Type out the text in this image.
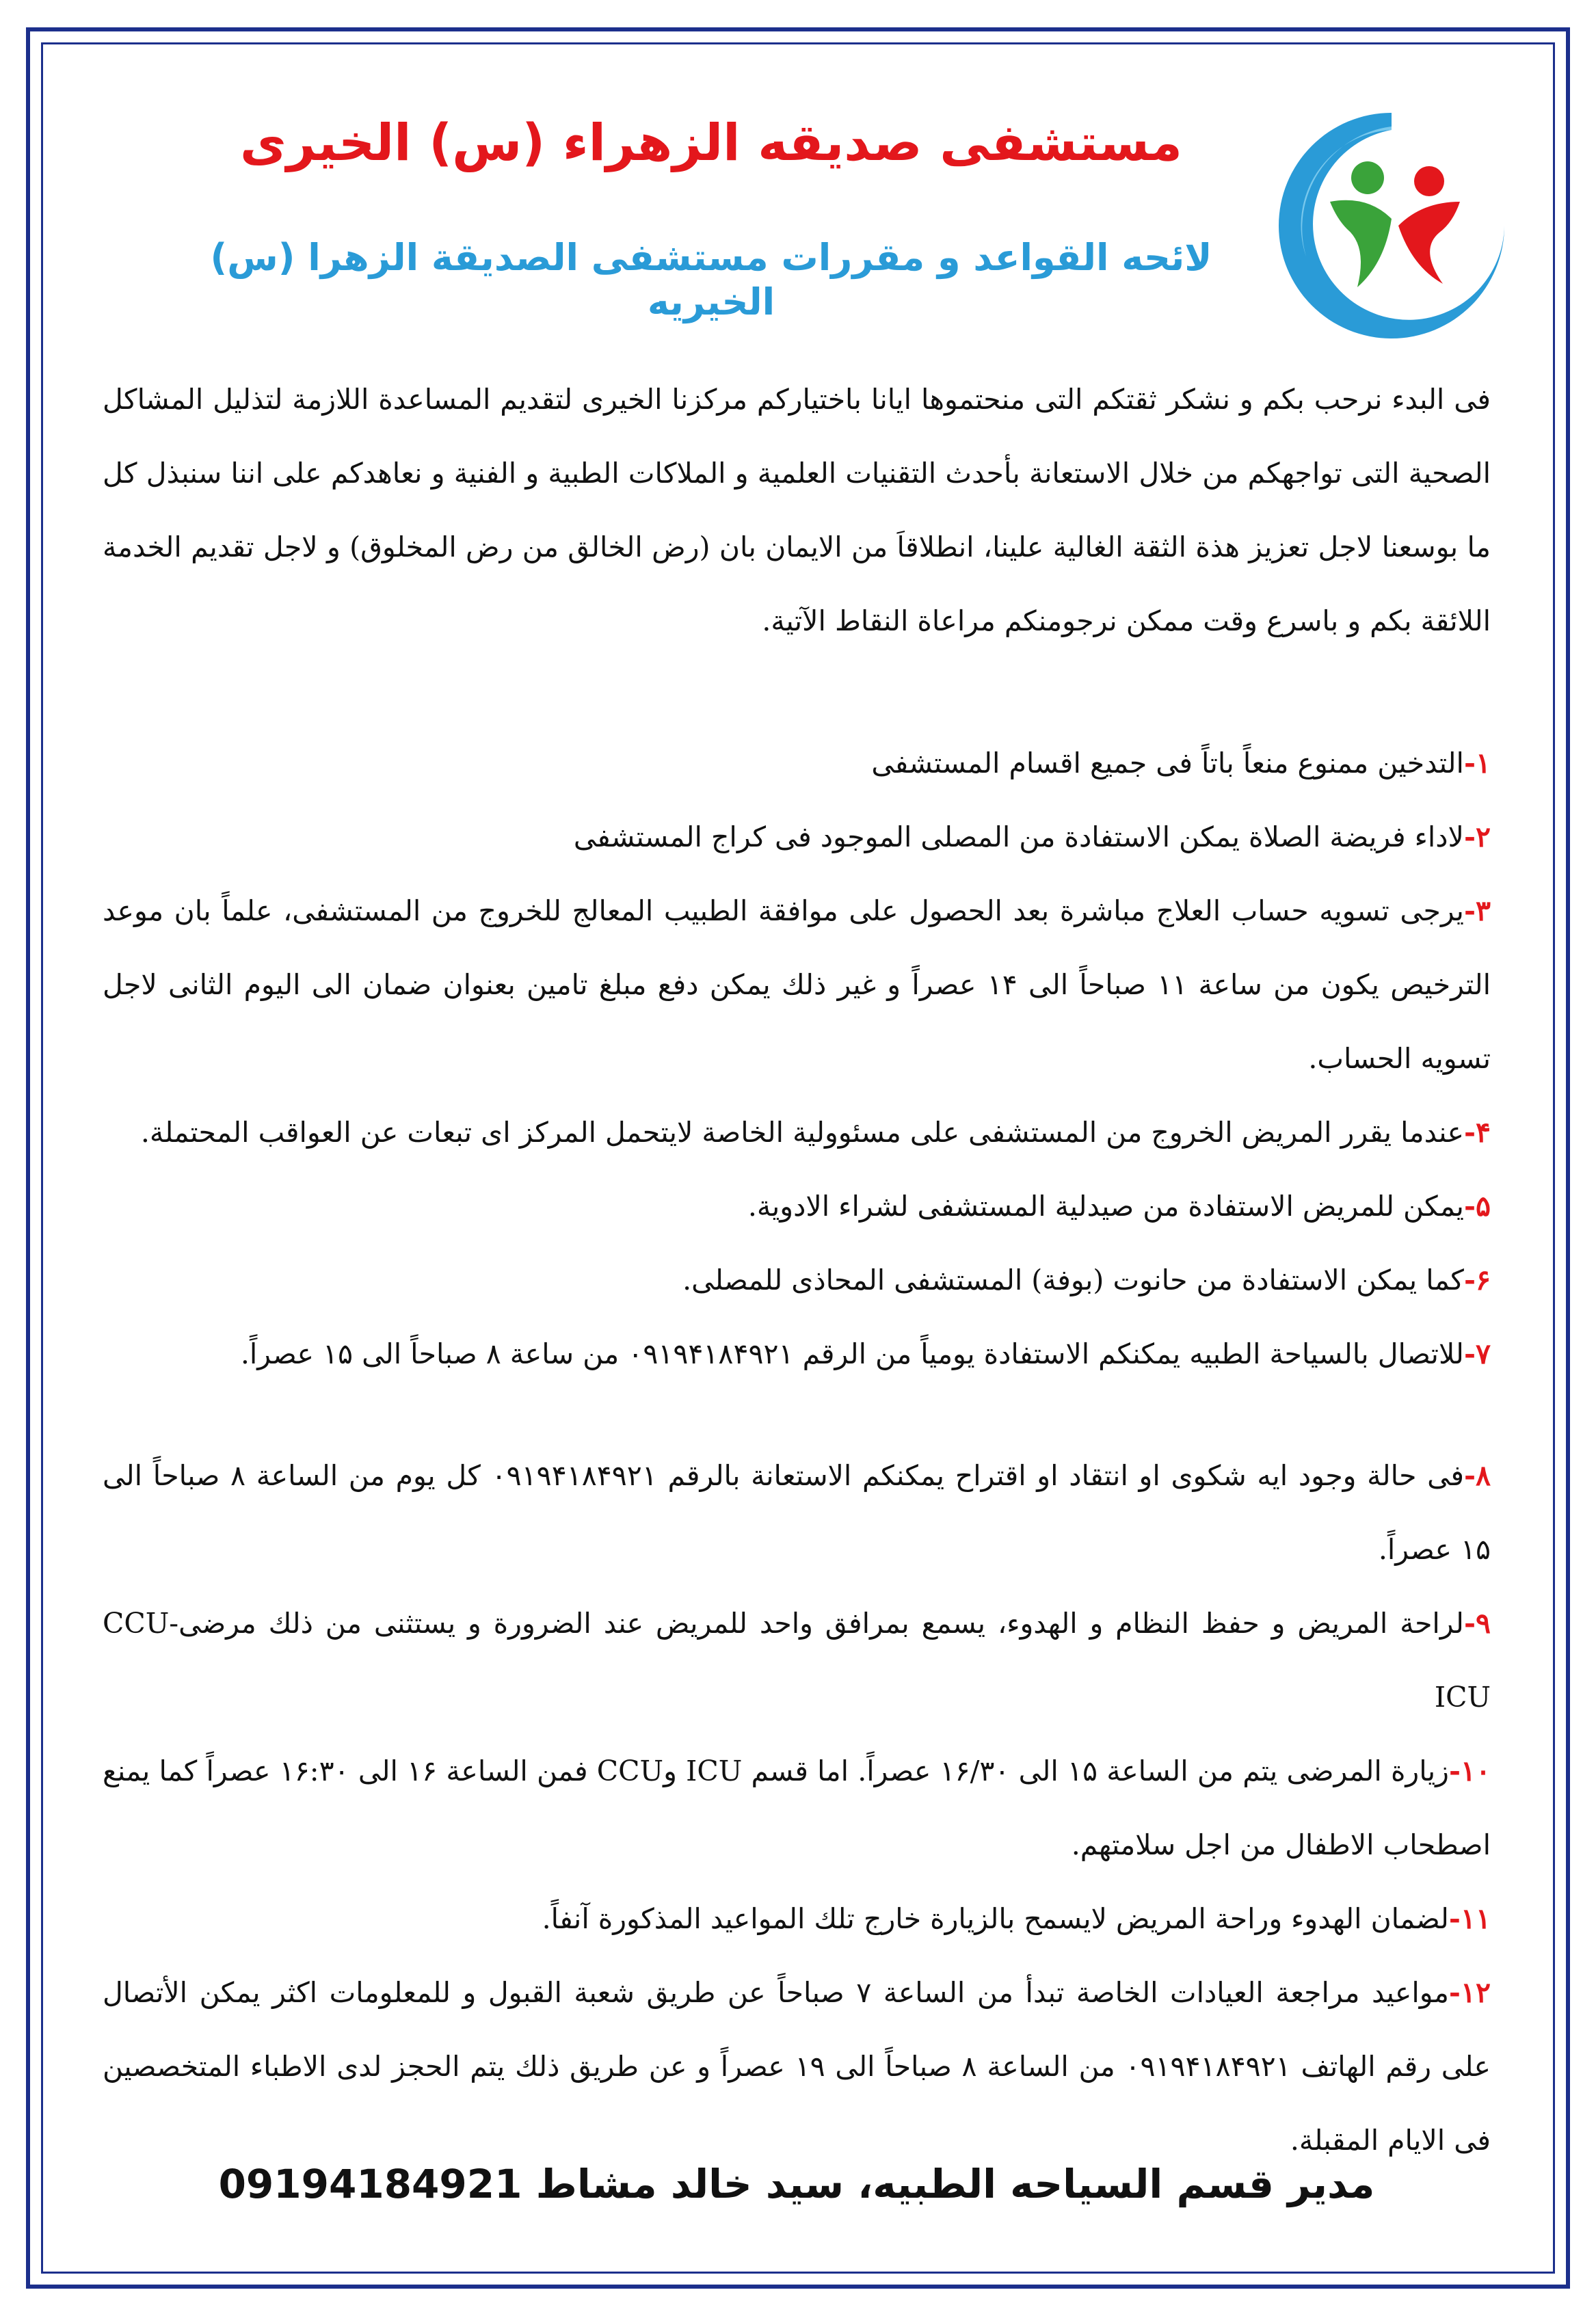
مستشفى صديقه الزهراء (س) الخيرى
لائحه القواعد و مقررات مستشفى الصديقة الزهرا (س) الخيريه

فى البدء نرحب بكم و نشكر ثقتكم التى منحتموها ايانا باختياركم مركزنا الخيرى لتقديم المساعدة اللازمة لتذليل المشاكل الصحية التى تواجهكم من خلال الاستعانة بأحدث التقنيات العلمية و الملاكات الطبية و الفنية و نعاهدكم على اننا سنبذل كل ما بوسعنا لاجل تعزيز هذة الثقة الغالية علينا، انطلاقاَ من الايمان بان (رض الخالق من رض المخلوق) و لاجل تقديم الخدمة اللائقة بكم و باسرع وقت ممكن نرجومنكم مراعاة النقاط الآتية.

۱-التدخين ممنوع منعاً باتاً فى جميع اقسام المستشفى

۲-لاداء فريضة الصلاة يمكن الاستفادة من المصلى الموجود فى كراج المستشفى

۳-يرجى تسويه حساب العلاج مباشرة بعد الحصول على موافقة الطبيب المعالج للخروج من المستشفى، علماً بان موعد الترخيص يكون من ساعة ۱۱ صباحاً الى ۱۴ عصراً و غير ذلك يمكن دفع مبلغ تامين بعنوان ضمان الى اليوم الثانى لاجل تسويه الحساب.

۴-عندما يقرر المريض الخروج من المستشفى على مسئوولية الخاصة لايتحمل المركز اى تبعات عن العواقب المحتملة.

۵-يمكن للمريض الاستفادة من صيدلية المستشفى لشراء الادوية.

۶-كما يمكن الاستفادة من حانوت (بوفة) المستشفى المحاذى للمصلى.

۷-للاتصال بالسياحة الطبيه يمكنكم الاستفادة يومياً من الرقم ۰۹۱۹۴۱۸۴۹۲۱ من ساعة ۸ صباحاً الى ۱۵ عصراً.

۸-فى حالة وجود ايه شكوى او انتقاد او اقتراح يمكنكم الاستعانة بالرقم ۰۹۱۹۴۱۸۴۹۲۱ كل يوم من الساعة ۸ صباحاً الى ۱۵ عصراً.

۹-لراحة المريض و حفظ النظام و الهدوء، يسمع بمرافق واحد للمريض عند الضرورة و يستثنى من ذلك مرضى-CCU ICU

۱۰-زيارة المرضى يتم من الساعة ۱۵ الى ۱۶/۳۰ عصراً. اما قسم ICU وCCU فمن الساعة ۱۶ الى ۱۶:۳۰ عصراً كما يمنع اصطحاب الاطفال من اجل سلامتهم.

۱۱-لضمان الهدوء وراحة المريض لايسمح بالزيارة خارج تلك المواعيد المذكورة آنفاً.

۱۲-مواعيد مراجعة العيادات الخاصة تبدأ من الساعة ۷ صباحاً عن طريق شعبة القبول و للمعلومات اكثر يمكن الأتصال على رقم الهاتف ۰۹۱۹۴۱۸۴۹۲۱ من الساعة ۸ صباحاً الى ۱۹ عصراً و عن طريق ذلك يتم الحجز لدى الاطباء المتخصصين فى الايام المقبلة.

مدير قسم السياحه الطبيه، سيد خالد مشاط 09194184921
